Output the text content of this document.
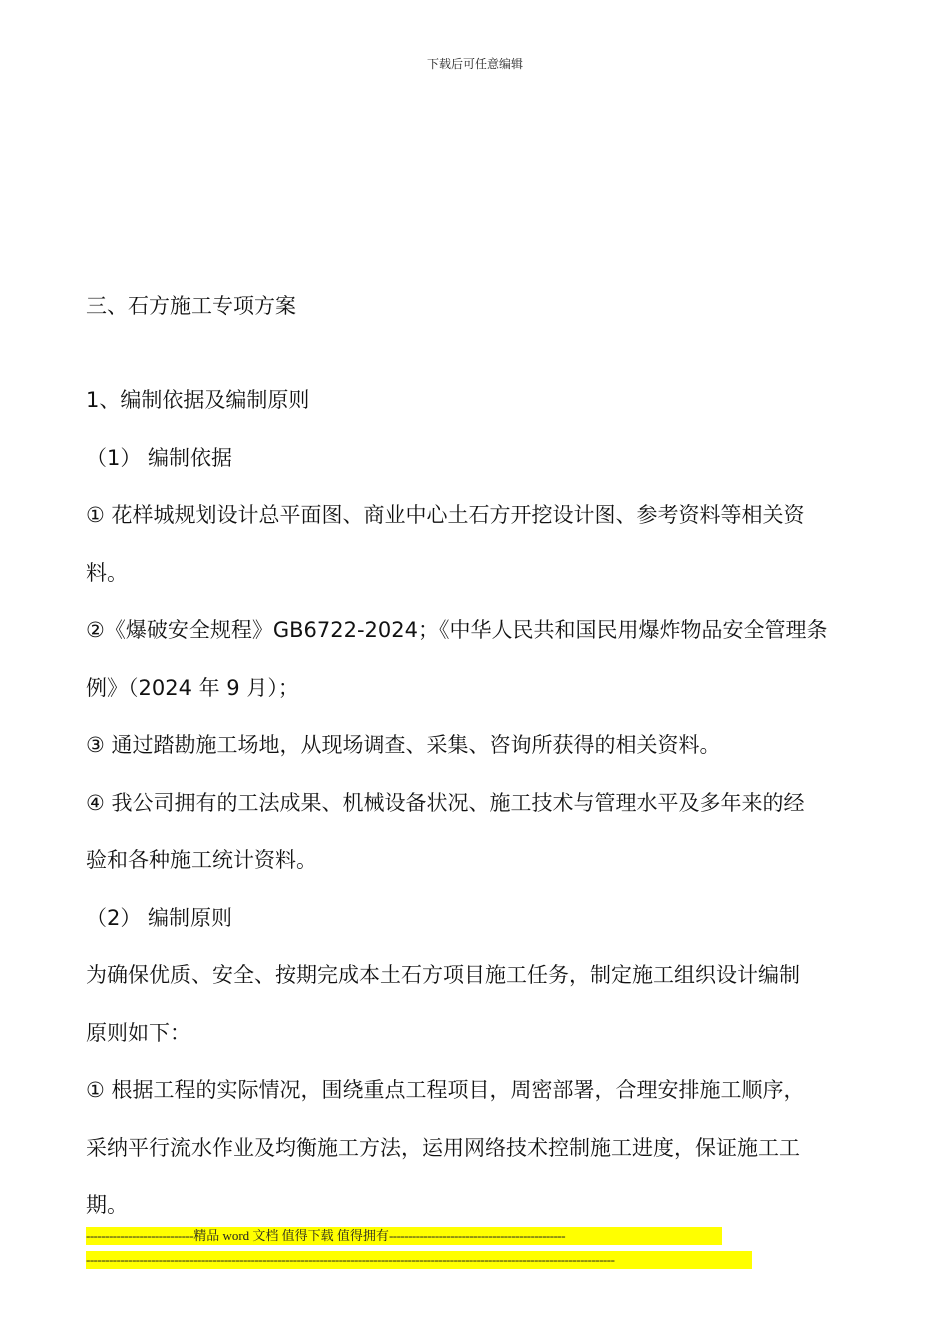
下载后可任意编辑
三、石方施工专项方案
1、编制依据及编制原则
（1） 编制依据
① 花样城规划设计总平面图、商业中心土石方开挖设计图、参考资料等相关资
料。
②《爆破安全规程》GB6722-2024；《中华人民共和国民用爆炸物品安全管理条
例》（2024 年 9 月）；
③ 通过踏勘施工场地，从现场调查、采集、咨询所获得的相关资料。
④ 我公司拥有的工法成果、机械设备状况、施工技术与管理水平及多年来的经
验和各种施工统计资料。
（2） 编制原则
为确保优质、安全、按期完成本土石方项目施工任务，制定施工组织设计编制
原则如下：
① 根据工程的实际情况，围绕重点工程项目，周密部署，合理安排施工顺序，
采纳平行流水作业及均衡施工方法，运用网络技术控制施工进度，保证施工工
期。
----------------------------精品 word 文档 值得下载 值得拥有----------------------------------------------
------------------------------------------------------------------------------------------------------------------------------------------
